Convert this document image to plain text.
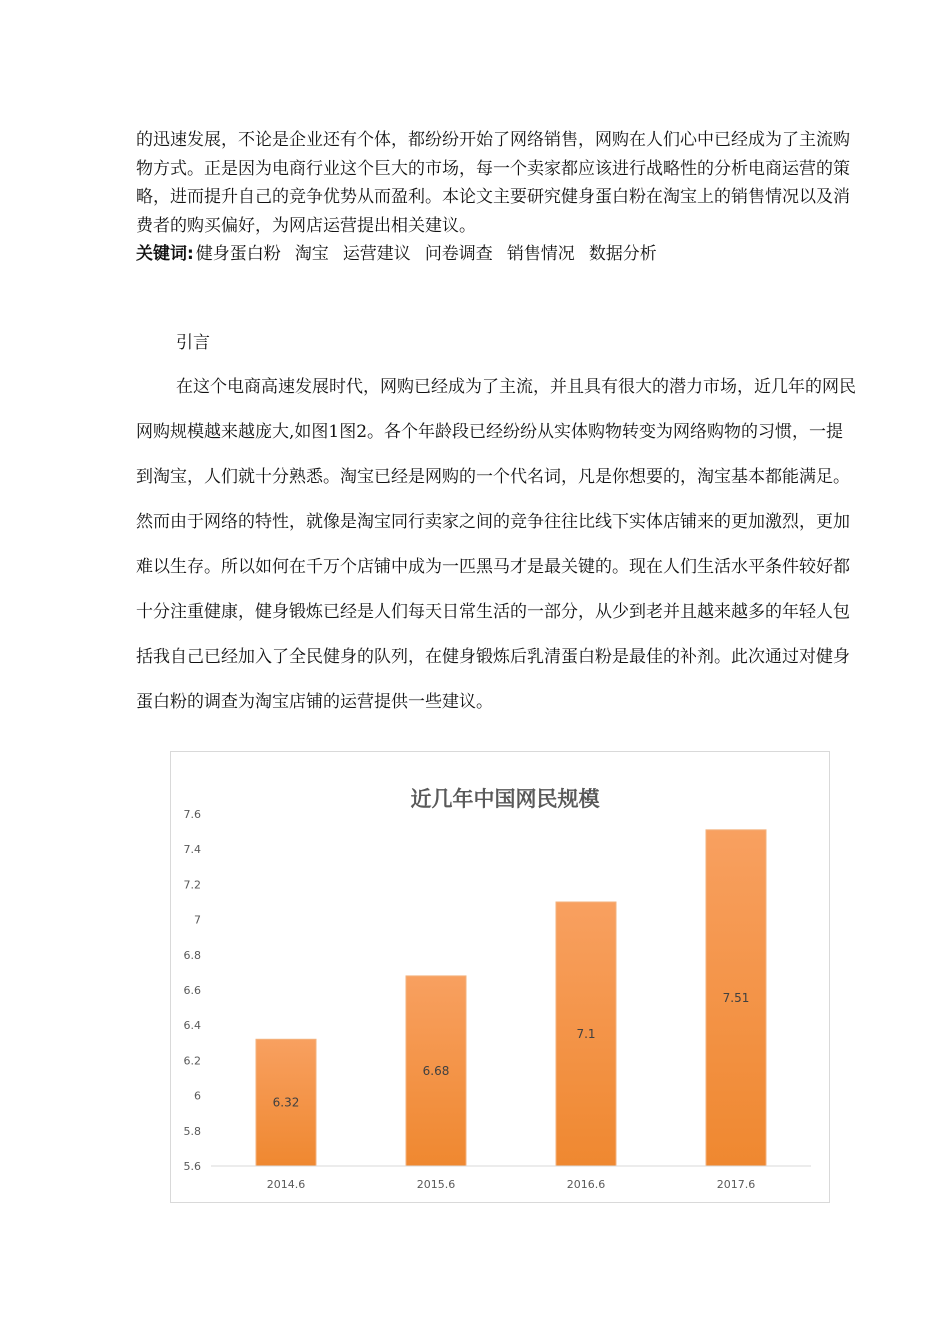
的迅速发展，不论是企业还有个体，都纷纷开始了网络销售，网购在人们心中已经成为了主流购物方式。正是因为电商行业这个巨大的市场，每一个卖家都应该进行战略性的分析电商运营的策略，进而提升自己的竞争优势从而盈利。本论文主要研究健身蛋白粉在淘宝上的销售情况以及消费者的购买偏好，为网店运营提出相关建议。
关键词: 健身蛋白粉 淘宝 运营建议 问卷调查 销售情况 数据分析
引言
在这个电商高速发展时代，网购已经成为了主流，并且具有很大的潜力市场，近几年的网民网购规模越来越庞大,如图1图2。各个年龄段已经纷纷从实体购物转变为网络购物的习惯，一提到淘宝，人们就十分熟悉。淘宝已经是网购的一个代名词，凡是你想要的，淘宝基本都能满足。然而由于网络的特性，就像是淘宝同行卖家之间的竞争往往比线下实体店铺来的更加激烈，更加难以生存。所以如何在千万个店铺中成为一匹黑马才是最关键的。现在人们生活水平条件较好都十分注重健康，健身锻炼已经是人们每天日常生活的一部分，从少到老并且越来越多的年轻人包括我自己已经加入了全民健身的队列，在健身锻炼后乳清蛋白粉是最佳的补剂。此次通过对健身蛋白粉的调查为淘宝店铺的运营提供一些建议。
近几年中国网民规模
5.6
5.8
6
6.2
6.4
6.6
6.8
7
7.2
7.4
7.6
6.32
6.68
7.1
7.51
2014.6	2015.6	2016.6	2017.6
